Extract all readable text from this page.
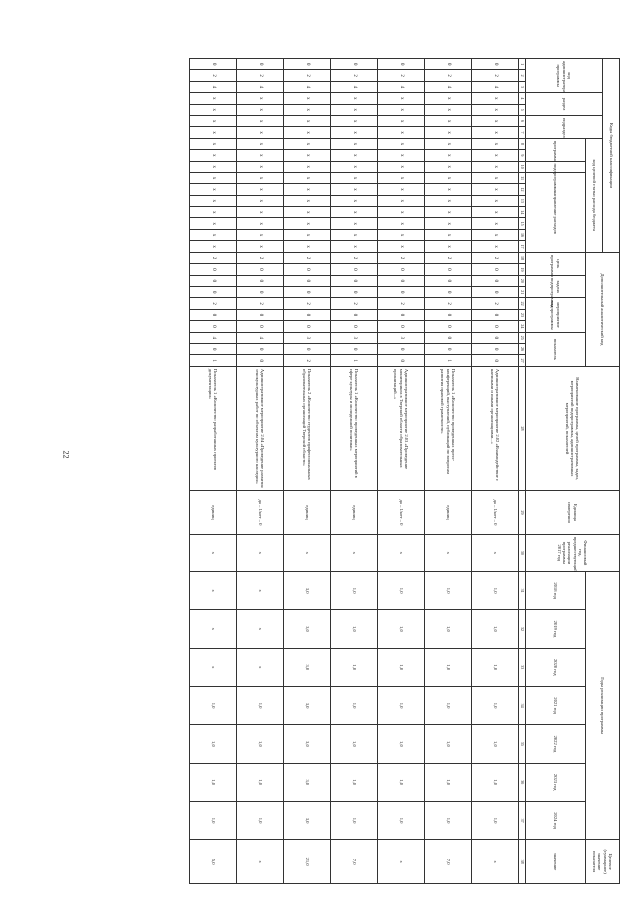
22
Коды бюджетной классификации																	Дополнительный аналитический код										Наименование программы, целей программы, задач, мероприятий подпрограммы, административных мероприятий, показателей	Единица измерения	Финансовый год, предшествующий реализации программы 2017 год	Годы реализации программы							Целевое (суммарное) значение показателя
код администратора программы			раздел		подраздел		код целевой статьи расхода бюджета																														
							программа		подпрограмма	направление расходов							цель программы		задача подпрограммы		мероприятие подпрограммы			показатель						2018 год	2019 год	2020 год	2021 год	2022 год	2023 год	2024 год	значение
1	2	3	4	5	6	7	8	9	10	11	12	13	14	15	16	17	18	19	20	21	22	23	24	25	26	27	28	29	30	31	32	33	34	35	36	37	38
0	2	4	х	х	х	х	х	х	х	х	х	х	х	х	х	х	2	0	0	0	2	0	0	0	0	0	Административное мероприятие 2.02 «Взаимодействие с наемными и иными организациями...»	да – 1/нет – 0	х	1,0	1,0	1,0	1,0	1,0	1,0	1,0	х
0	2	4	х	х	х	х	х	х	х	х	х	х	х	х	х	х	2	0	0	0	2	0	0	0	0	1	Показатель 1 «Количество проведенных пресс-конференций, выступлений, публикаций по вопросам развития правовой грамотности»	единиц	х	1,0	1,0	1,0	1,0	1,0	1,0	1,0	7,0
0	2	4	х	х	х	х	х	х	х	х	х	х	х	х	х	х	2	0	0	0	2	0	0	3	0	0	Административное мероприятие 2.03 «Проведение мониторинга в Тверской области образовательных организаций...»	да – 1/нет – 0	х	1,0	1,0	1,0	1,0	1,0	1,0	1,0	х
0	2	4	х	х	х	х	х	х	х	х	х	х	х	х	х	х	2	0	0	0	2	0	0	3	0	1	Показатель 1 «Количество проведенных мероприятий в сфере культуры и молодежной политики»	единиц	х	1,0	1,0	1,0	1,0	1,0	1,0	1,0	7,0
0	2	4	х	х	х	х	х	х	х	х	х	х	х	х	х	х	2	0	0	0	2	0	0	3	0	2	Показатель 2 «Количество студентов профессиональных образовательных организаций Тверской области»	единиц	х	3,0	3,0	3,0	3,0	3,0	3,0	3,0	21,0
0	2	4	х	х	х	х	х	х	х	х	х	х	х	х	х	х	2	0	0	0	2	0	0	4	0	0	Административное мероприятие 2.04 «Проведение развития этнокультурных работ по объектам культурного наследия»	да – 1/нет – 0	х	х	х	х	1,0	1,0	1,0	1,0	х
0	2	4	х	х	х	х	х	х	х	х	х	х	х	х	х	х	2	0	0	0	2	0	0	4	0	1	Показатель 1 «Количество разработанных проектов документации»	единиц	х	х	х	х	1,0	1,0	1,0	1,0	5,0
